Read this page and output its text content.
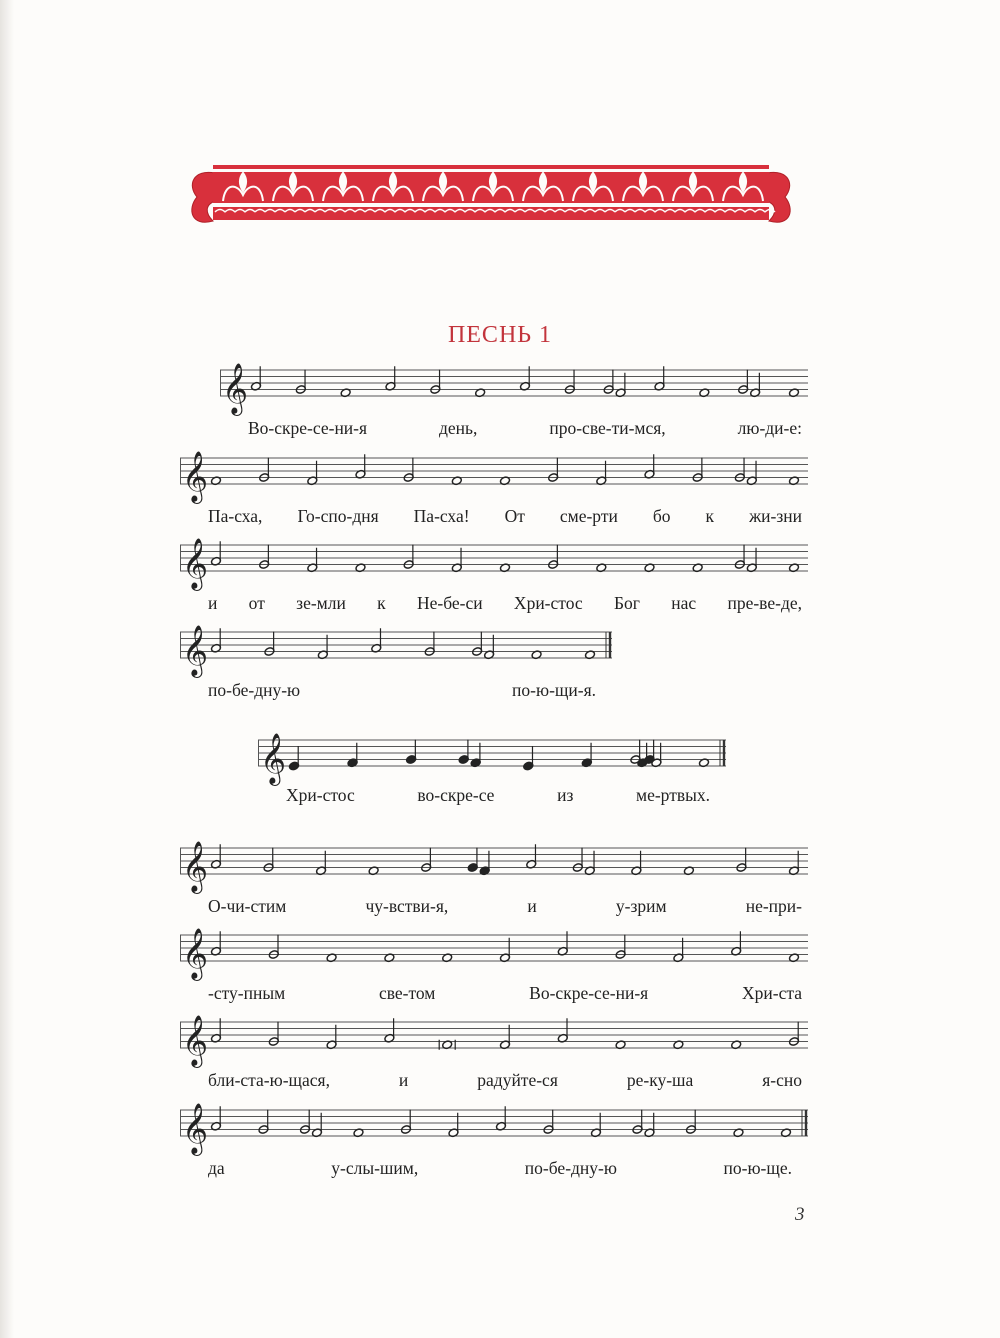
ПЕСНЬ 1
𝄞
Во-скре-се-ни-я день, про-све-ти-мся, лю-ди-е:
𝄞
Па-сха, Го-спо-дня Па-сха! От сме-рти бо к жи-зни
𝄞
и от зе-мли к Не-бе-си Хри-стос Бог нас пре-ве-де,
𝄞
по-бе-дну-ю по-ю-щи-я.
𝄞
Хри-стос во-скре-се из ме-ртвых.
𝄞
О-чи-стим чу-встви-я, и у-зрим не-при-
𝄞
-сту-пным све-том Во-скре-се-ни-я Хри-ста
𝄞
бли-ста-ю-щася, и радуйте-ся ре-ку-ша я-сно
𝄞
да у-слы-шим, по-бе-дну-ю по-ю-ще.
3
